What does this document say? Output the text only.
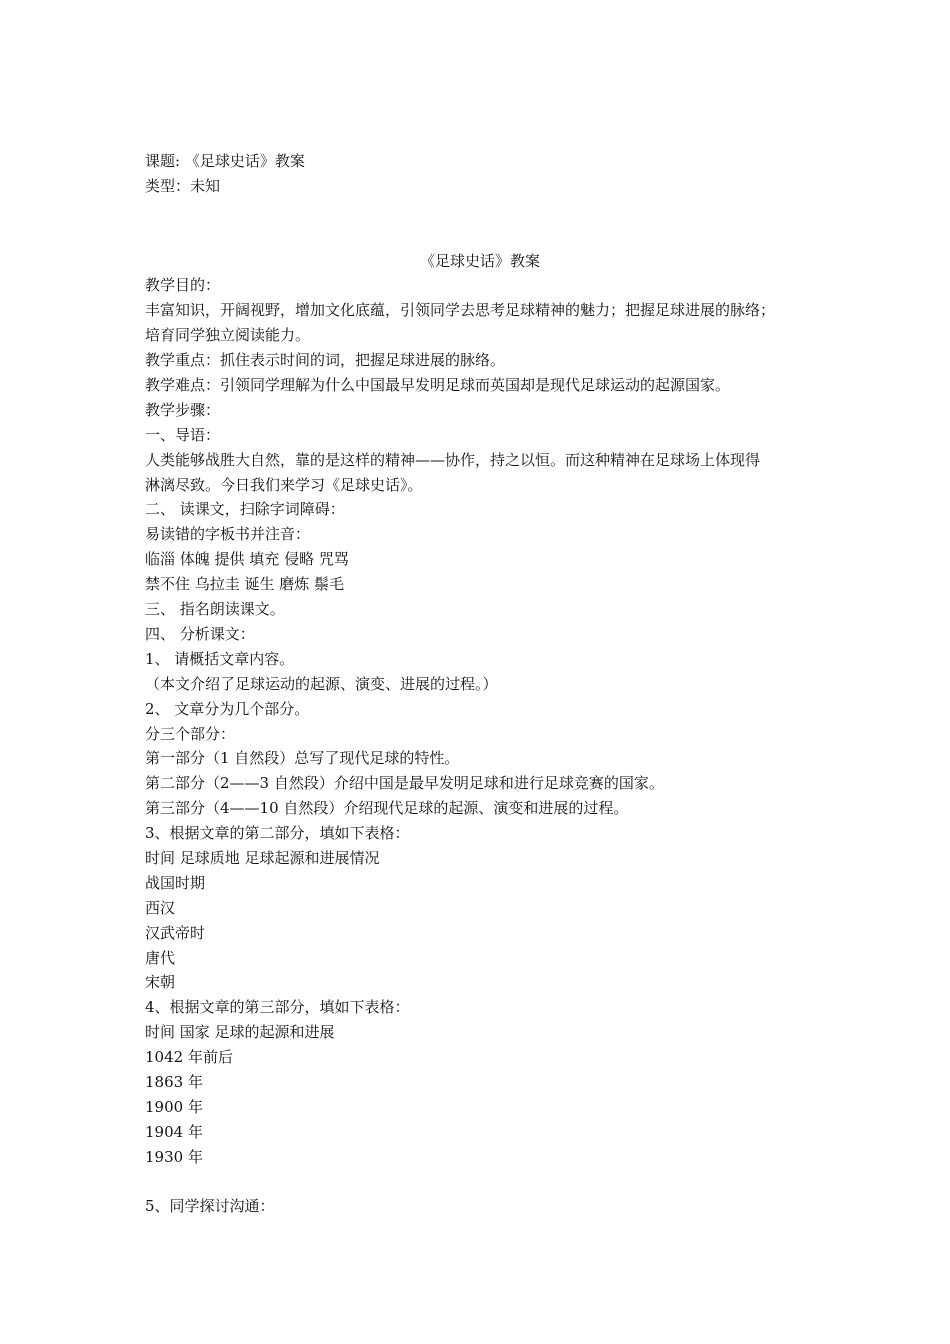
课题: 《足球史话》教案
类型：未知
《足球史话》教案
教学目的：
丰富知识，开阔视野，增加文化底蕴，引领同学去思考足球精神的魅力；把握足球进展的脉络；
培育同学独立阅读能力。
教学重点：抓住表示时间的词，把握足球进展的脉络。
教学难点：引领同学理解为什么中国最早发明足球而英国却是现代足球运动的起源国家。
教学步骤：
一、导语：
人类能够战胜大自然，靠的是这样的精神——协作，持之以恒。而这种精神在足球场上体现得
淋漓尽致。今日我们来学习《足球史话》。
二、 读课文，扫除字词障碍：
易读错的字板书并注音：
临淄 体魄 提供 填充 侵略 咒骂
禁不住 乌拉圭 诞生 磨炼 鬃毛
三、 指名朗读课文。
四、 分析课文：
1、 请概括文章内容。
（本文介绍了足球运动的起源、演变、进展的过程。）
2、 文章分为几个部分。
分三个部分：
第一部分（1 自然段）总写了现代足球的特性。
第二部分（2——3 自然段）介绍中国是最早发明足球和进行足球竞赛的国家。
第三部分（4——10 自然段）介绍现代足球的起源、演变和进展的过程。
3、根据文章的第二部分，填如下表格：
时间 足球质地 足球起源和进展情况
战国时期
西汉
汉武帝时
唐代
宋朝
4、根据文章的第三部分，填如下表格：
时间 国家 足球的起源和进展
1042 年前后
1863 年
1900 年
1904 年
1930 年
5、同学探讨沟通：
